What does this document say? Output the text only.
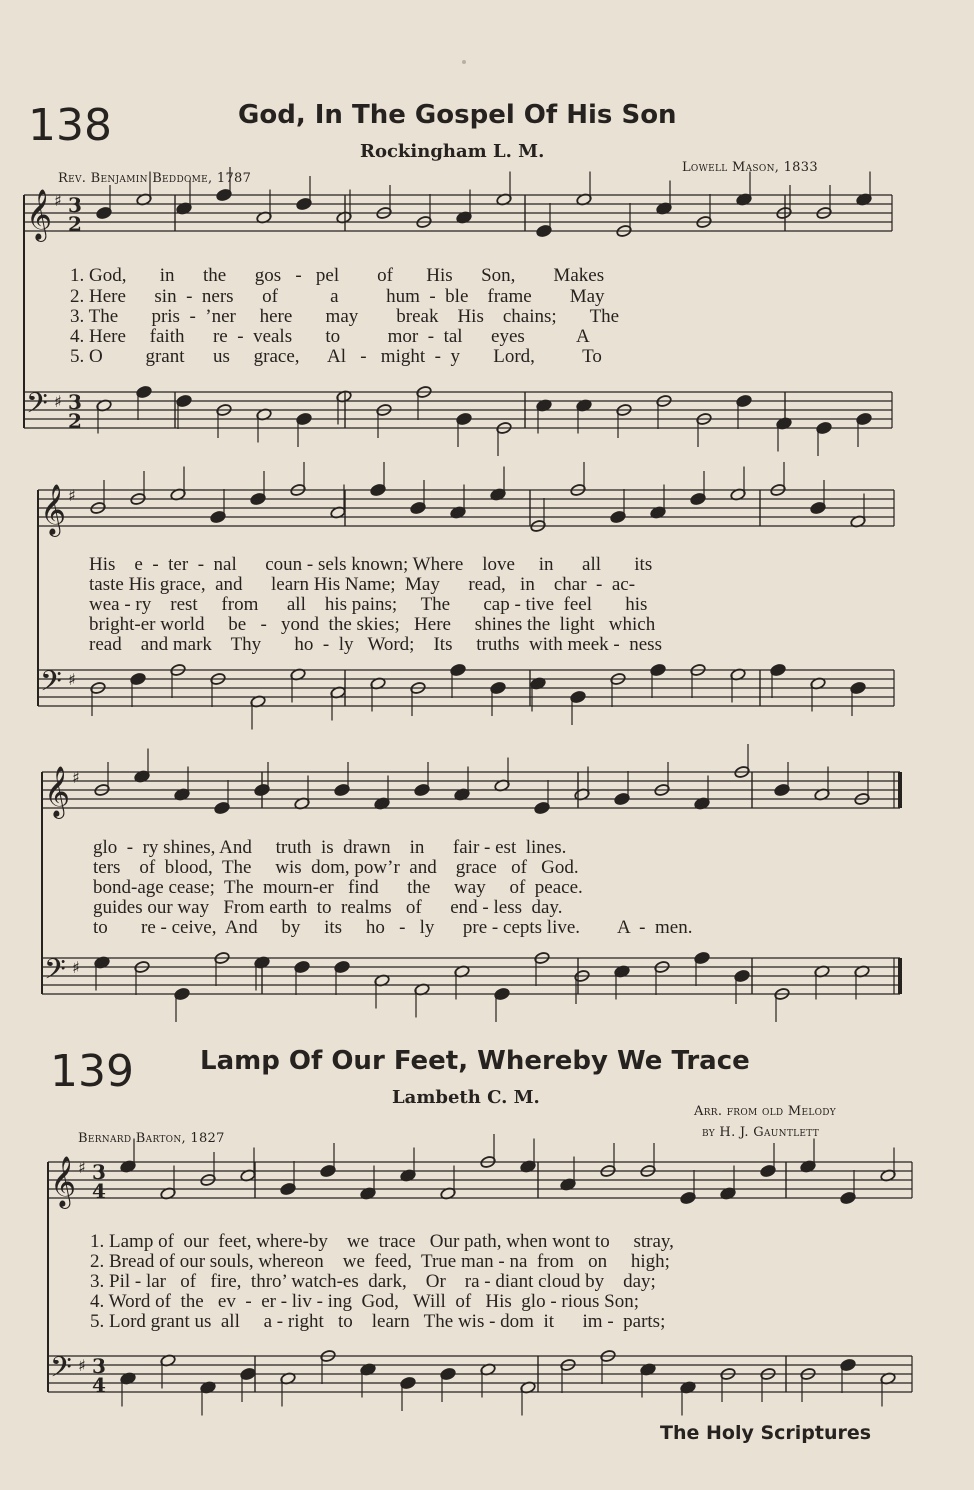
138	God, In The Gospel Of His Son
Rockingham L. M.
Rev. Benjamin Beddome, 1787
Lowell Mason, 1833
𝄞 ♯ 3
2
𝄢 ♯ 3
2
1. God,       in      the      gos   -   pel        of       His      Son,        Makes
2. Here      sin  -  ners      of           a          hum  -  ble    frame        May
3. The       pris  -  ’ner     here       may        break    His    chains;       The
4. Here     faith      re  -  veals       to          mor  -  tal      eyes           A
5. O         grant      us     grace,      Al   -   might  -  y       Lord,          To
𝄞 ♯
𝄢 ♯
His    e  -  ter  -  nal      coun - sels known; Where    love     in      all       its
taste His grace,  and      learn His Name;  May      read,   in    char  -  ac-
wea - ry    rest     from      all    his pains;     The       cap - tive  feel       his
bright-er world     be   -   yond  the skies;   Here     shines the  light   which
read    and mark    Thy       ho  -  ly   Word;    Its     truths  with meek -  ness
𝄞 ♯
𝄢 ♯
glo  -  ry shines, And     truth  is  drawn    in      fair - est  lines.
ters    of  blood,  The     wis  dom, pow’r  and    grace   of   God.
bond-age cease;  The  mourn-er   find      the     way     of  peace.
guides our way   From earth  to  realms   of      end - less  day.
to       re - ceive,  And     by     its     ho   -   ly      pre - cepts live.        A  -  men.
139	Lamp Of Our Feet, Whereby We Trace
Lambeth C. M.
Bernard Barton, 1827
Arr. from old Melody
by H. J. Gauntlett
𝄞 ♯ 3
4
𝄢 ♯ 3
4
1. Lamp of  our  feet, where-by    we  trace   Our path, when wont to     stray,
2. Bread of our souls, whereon    we  feed,  True man - na  from   on     high;
3. Pil - lar   of   fire,  thro’ watch-es  dark,    Or    ra - diant cloud by    day;
4. Word of  the   ev  -  er - liv - ing  God,   Will  of   His  glo - rious Son;
5. Lord grant us  all     a - right   to    learn   The wis - dom  it      im -  parts;
The Holy Scriptures
